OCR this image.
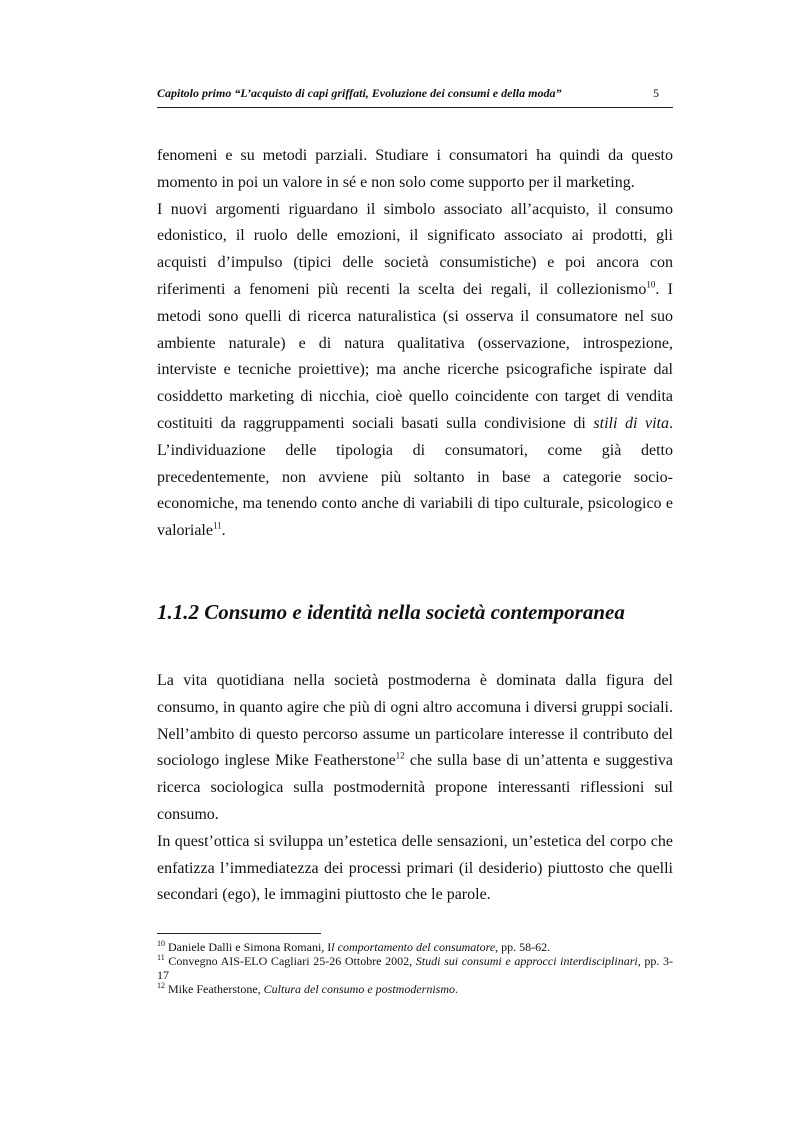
Capitolo primo “L’acquisto di capi griffati, Evoluzione dei consumi e della moda”	5

fenomeni e su metodi parziali. Studiare i consumatori ha quindi da questo momento in poi un valore in sé e non solo come supporto per il marketing.

I nuovi argomenti riguardano il simbolo associato all’acquisto, il consumo edonistico, il ruolo delle emozioni, il significato associato ai prodotti, gli acquisti d’impulso (tipici delle società consumistiche) e poi ancora con riferimenti a fenomeni più recenti la scelta dei regali, il collezionismo$^{10}$. I metodi sono quelli di ricerca naturalistica (si osserva il consumatore nel suo ambiente naturale) e di natura qualitativa (osservazione, introspezione, interviste e tecniche proiettive); ma anche ricerche psicografiche ispirate dal cosiddetto marketing di nicchia, cioè quello coincidente con target di vendita costituiti da raggruppamenti sociali basati sulla condivisione di stili di vita. L’individuazione delle tipologia di consumatori, come già detto precedentemente, non avviene più soltanto in base a categorie socio-economiche, ma tenendo conto anche di variabili di tipo culturale, psicologico e valoriale$^{11}$.

1.1.2 Consumo e identità nella società contemporanea

La vita quotidiana nella società postmoderna è dominata dalla figura del consumo, in quanto agire che più di ogni altro accomuna i diversi gruppi sociali. Nell’ambito di questo percorso assume un particolare interesse il contributo del sociologo inglese Mike Featherstone$^{12}$ che sulla base di un’attenta e suggestiva ricerca sociologica sulla postmodernità propone interessanti riflessioni sul consumo.

In quest’ottica si sviluppa un’estetica delle sensazioni, un’estetica del corpo che enfatizza l’immediatezza dei processi primari (il desiderio) piuttosto che quelli secondari (ego), le immagini piuttosto che le parole.

$^{10}$ Daniele Dalli e Simona Romani, Il comportamento del consumatore, pp. 58-62.

$^{11}$ Convegno AIS-ELO Cagliari 25-26 Ottobre 2002, Studi sui consumi e approcci interdisciplinari, pp. 3-17

$^{12}$ Mike Featherstone, Cultura del consumo e postmodernismo.
